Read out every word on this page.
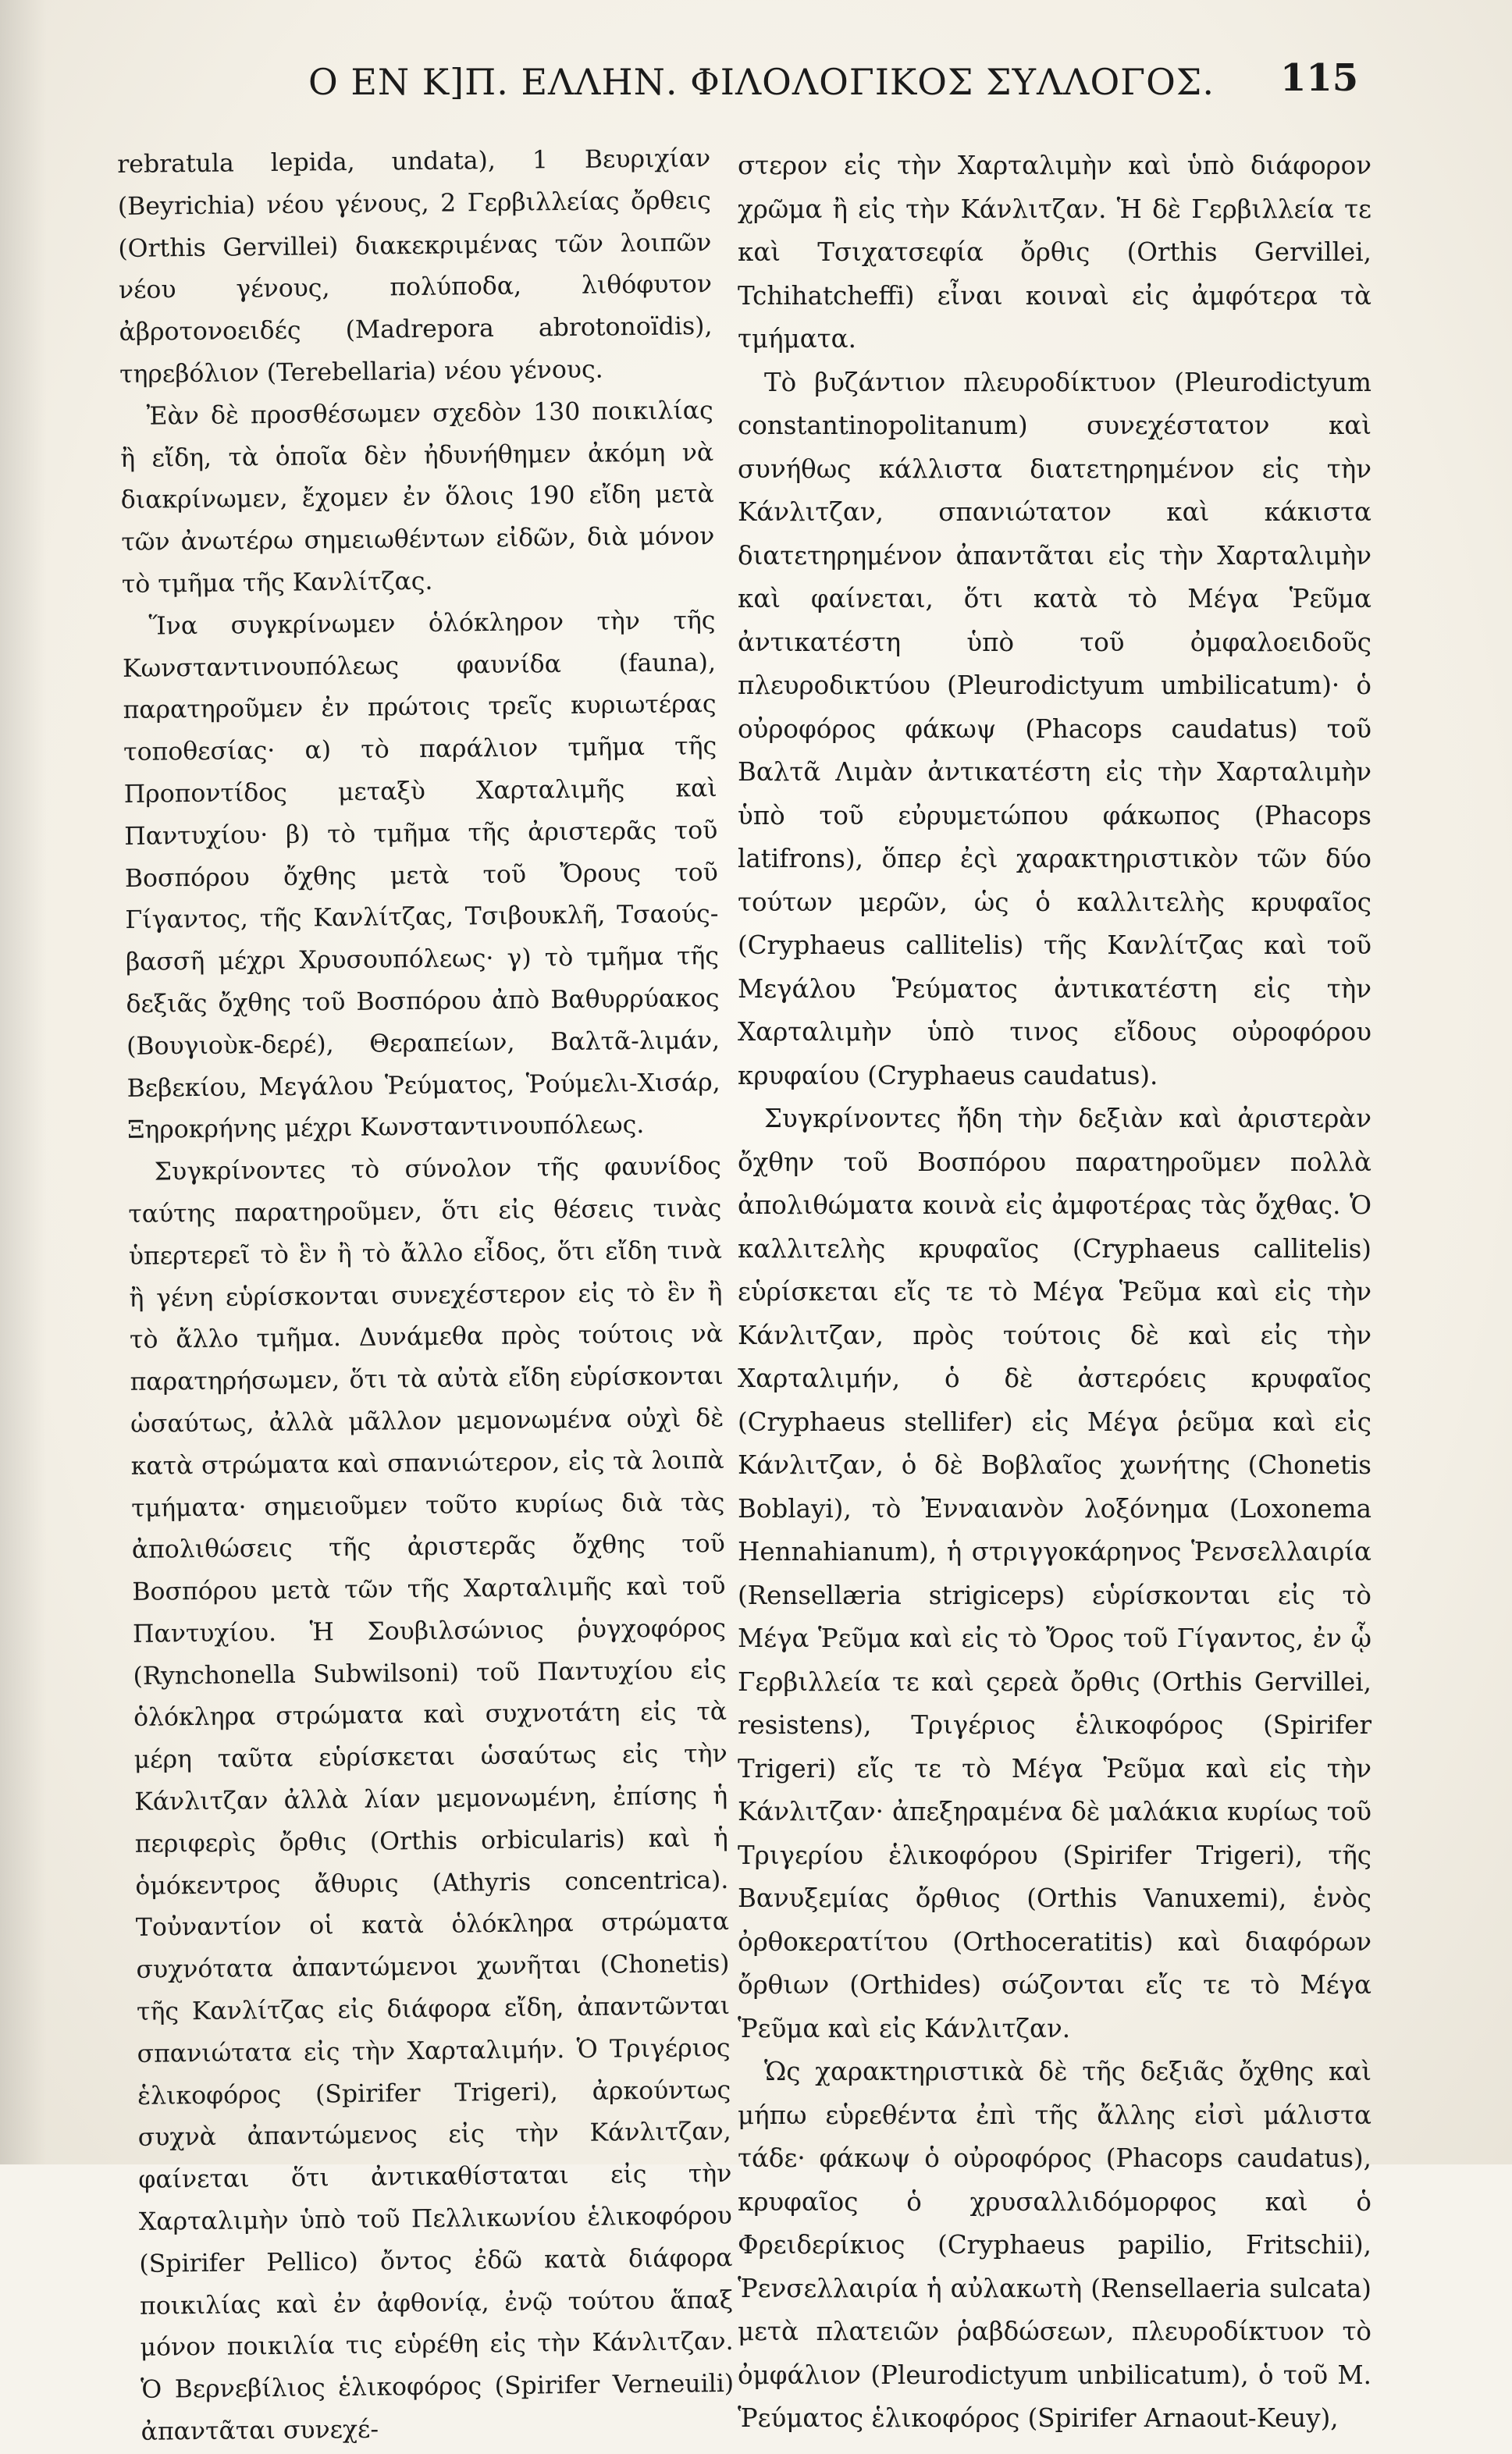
Ο ΕΝ Κ]Π. ΕΛΛΗΝ. ΦΙΛΟΛΟΓΙΚΟΣ ΣΥΛΛΟΓΟΣ. 115

rebratula lepida, undata), 1 Βευριχίαν (Beyrichia) νέου γένους, 2 Γερβιλλείας ὄρθεις (Orthis Gervillei) διακεκριμένας τῶν λοιπῶν νέου γένους, πολύποδα, λιθόφυτον ἀβροτονοειδές (Madrepora abrotonoïdis), τηρεβόλιον (Terebellaria) νέου γένους.

Ἐὰν δὲ προσθέσωμεν σχεδὸν 130 ποικιλίας ἢ εἴδη, τὰ ὁποῖα δὲν ἠδυνήθημεν ἀκόμη νὰ διακρίνωμεν, ἔχομεν ἐν ὅλοις 190 εἴδη μετὰ τῶν ἀνωτέρω σημειωθέντων εἰδῶν, διὰ μόνον τὸ τμῆμα τῆς Κανλίτζας.

Ἵνα συγκρίνωμεν ὁλόκληρον τὴν τῆς Κωνσταντινουπόλεως φαυνίδα (fauna), παρατηροῦμεν ἐν πρώτοις τρεῖς κυριωτέρας τοποθεσίας· α) τὸ παράλιον τμῆμα τῆς Προποντίδος μεταξὺ Χαρταλιμῆς καὶ Παντυχίου· β) τὸ τμῆμα τῆς ἀριστερᾶς τοῦ Βοσπόρου ὄχθης μετὰ τοῦ Ὄρους τοῦ Γίγαντος, τῆς Κανλίτζας, Τσιβουκλῆ, Τσαούς-βασσῆ μέχρι Χρυσουπόλεως· γ) τὸ τμῆμα τῆς δεξιᾶς ὄχθης τοῦ Βοσπόρου ἀπὸ Βαθυρρύακος (Βουγιοὺκ-δερέ), Θεραπείων, Βαλτᾶ-λιμάν, Βεβεκίου, Μεγάλου Ῥεύματος, Ῥούμελι-Χισάρ, Ξηροκρήνης μέχρι Κωνσταντινουπόλεως.

Συγκρίνοντες τὸ σύνολον τῆς φαυνίδος ταύτης παρατηροῦμεν, ὅτι εἰς θέσεις τινὰς ὑπερτερεῖ τὸ ἓν ἢ τὸ ἄλλο εἶδος, ὅτι εἴδη τινὰ ἢ γένη εὑρίσκονται συνεχέστερον εἰς τὸ ἓν ἢ τὸ ἄλλο τμῆμα. Δυνάμεθα πρὸς τούτοις νὰ παρατηρήσωμεν, ὅτι τὰ αὐτὰ εἴδη εὑρίσκονται ὡσαύτως, ἀλλὰ μᾶλλον μεμονωμένα οὐχὶ δὲ κατὰ στρώματα καὶ σπανιώτερον, εἰς τὰ λοιπὰ τμήματα· σημειοῦμεν τοῦτο κυρίως διὰ τὰς ἀπολιθώσεις τῆς ἀριστερᾶς ὄχθης τοῦ Βοσπόρου μετὰ τῶν τῆς Χαρταλιμῆς καὶ τοῦ Παντυχίου. Ἡ Σουβιλσώνιος ῥυγχοφόρος (Rynchonella Subwilsoni) τοῦ Παντυχίου εἰς ὁλόκληρα στρώματα καὶ συχνοτάτη εἰς τὰ μέρη ταῦτα εὑρίσκεται ὡσαύτως εἰς τὴν Κάνλιτζαν ἀλλὰ λίαν μεμονωμένη, ἐπίσης ἡ περιφερὶς ὄρθις (Orthis orbicularis) καὶ ἡ ὁμόκεντρος ἄθυρις (Athyris concentrica). Τοὐναντίον οἱ κατὰ ὁλόκληρα στρώματα συχνότατα ἀπαντώμενοι χωνῆται (Chonetis) τῆς Κανλίτζας εἰς διάφορα εἴδη, ἀπαντῶνται σπανιώτατα εἰς τὴν Χαρταλιμήν. Ὁ Τριγέριος ἑλικοφόρος (Spirifer Trigeri), ἀρκούντως συχνὰ ἀπαντώμενος εἰς τὴν Κάνλιτζαν, φαίνεται ὅτι ἀντικαθίσταται εἰς τὴν Χαρταλιμὴν ὑπὸ τοῦ Πελλικωνίου ἑλικοφόρου (Spirifer Pellico) ὄντος ἐδῶ κατὰ διάφορα ποικιλίας καὶ ἐν ἀφθονίᾳ, ἐνῷ τούτου ἅπαξ μόνον ποικιλία τις εὑρέθη εἰς τὴν Κάνλιτζαν. Ὁ Βερνεβίλιος ἑλικοφόρος (Spirifer Verneuili) ἀπαντᾶται συνεχέ-

στερον εἰς τὴν Χαρταλιμὴν καὶ ὑπὸ διάφορον χρῶμα ἢ εἰς τὴν Κάνλιτζαν. Ἡ δὲ Γερβιλλεία τε καὶ Τσιχατσεφία ὄρθις (Orthis Gervillei, Tchihatcheffi) εἶναι κοιναὶ εἰς ἀμφότερα τὰ τμήματα.

Τὸ βυζάντιον πλευροδίκτυον (Pleurodictyum constantinopolitanum) συνεχέστατον καὶ συνήθως κάλλιστα διατετηρημένον εἰς τὴν Κάνλιτζαν, σπανιώτατον καὶ κάκιστα διατετηρημένον ἀπαντᾶται εἰς τὴν Χαρταλιμὴν καὶ φαίνεται, ὅτι κατὰ τὸ Μέγα Ῥεῦμα ἀντικατέστη ὑπὸ τοῦ ὀμφαλοειδοῦς πλευροδικτύου (Pleurodictyum umbilicatum)· ὁ οὐροφόρος φάκωψ (Phacops caudatus) τοῦ Βαλτᾶ Λιμὰν ἀντικατέστη εἰς τὴν Χαρταλιμὴν ὑπὸ τοῦ εὐρυμετώπου φάκωπος (Phacops latifrons), ὅπερ ἐςὶ χαρακτηριστικὸν τῶν δύο τούτων μερῶν, ὡς ὁ καλλιτελὴς κρυφαῖος (Cryphaeus callitelis) τῆς Κανλίτζας καὶ τοῦ Μεγάλου Ῥεύματος ἀντικατέστη εἰς τὴν Χαρταλιμὴν ὑπὸ τινος εἴδους οὐροφόρου κρυφαίου (Cryphaeus caudatus).

Συγκρίνοντες ἤδη τὴν δεξιὰν καὶ ἀριστερὰν ὄχθην τοῦ Βοσπόρου παρατηροῦμεν πολλὰ ἀπολιθώματα κοινὰ εἰς ἀμφοτέρας τὰς ὄχθας. Ὁ καλλιτελὴς κρυφαῖος (Cryphaeus callitelis) εὑρίσκεται εἴς τε τὸ Μέγα Ῥεῦμα καὶ εἰς τὴν Κάνλιτζαν, πρὸς τούτοις δὲ καὶ εἰς τὴν Χαρταλιμήν, ὁ δὲ ἀστερόεις κρυφαῖος (Cryphaeus stellifer) εἰς Μέγα ῥεῦμα καὶ εἰς Κάνλιτζαν, ὁ δὲ Βοβλαῖος χωνήτης (Chonetis Boblayi), τὸ Ἐνναιανὸν λοξόνημα (Loxonema Hennahianum), ἡ στριγγοκάρηνος Ῥενσελλαιρία (Rensellæria strigiceps) εὑρίσκονται εἰς τὸ Μέγα Ῥεῦμα καὶ εἰς τὸ Ὄρος τοῦ Γίγαντος, ἐν ᾧ Γερβιλλεία τε καὶ ςερεὰ ὄρθις (Orthis Gervillei, resistens), Τριγέριος ἑλικοφόρος (Spirifer Trigeri) εἴς τε τὸ Μέγα Ῥεῦμα καὶ εἰς τὴν Κάνλιτζαν· ἀπεξηραμένα δὲ μαλάκια κυρίως τοῦ Τριγερίου ἑλικοφόρου (Spirifer Trigeri), τῆς Βανυξεμίας ὄρθιος (Orthis Vanuxemi), ἑνὸς ὀρθοκερατίτου (Orthoceratitis) καὶ διαφόρων ὄρθιων (Orthides) σώζονται εἴς τε τὸ Μέγα Ῥεῦμα καὶ εἰς Κάνλιτζαν.

Ὡς χαρακτηριστικὰ δὲ τῆς δεξιᾶς ὄχθης καὶ μήπω εὑρεθέντα ἐπὶ τῆς ἄλλης εἰσὶ μάλιστα τάδε· φάκωψ ὁ οὐροφόρος (Phacops caudatus), κρυφαῖος ὁ χρυσαλλιδόμορφος καὶ ὁ Φρειδερίκιος (Cryphaeus papilio, Fritschii), Ῥενσελλαιρία ἡ αὐλακωτὴ (Rensellaeria sulcata) μετὰ πλατειῶν ῥαβδώσεων, πλευροδίκτυον τὸ ὀμφάλιον (Pleurodictyum unbilicatum), ὁ τοῦ Μ. Ῥεύματος ἑλικοφόρος (Spirifer Arnaout-Keuy),
